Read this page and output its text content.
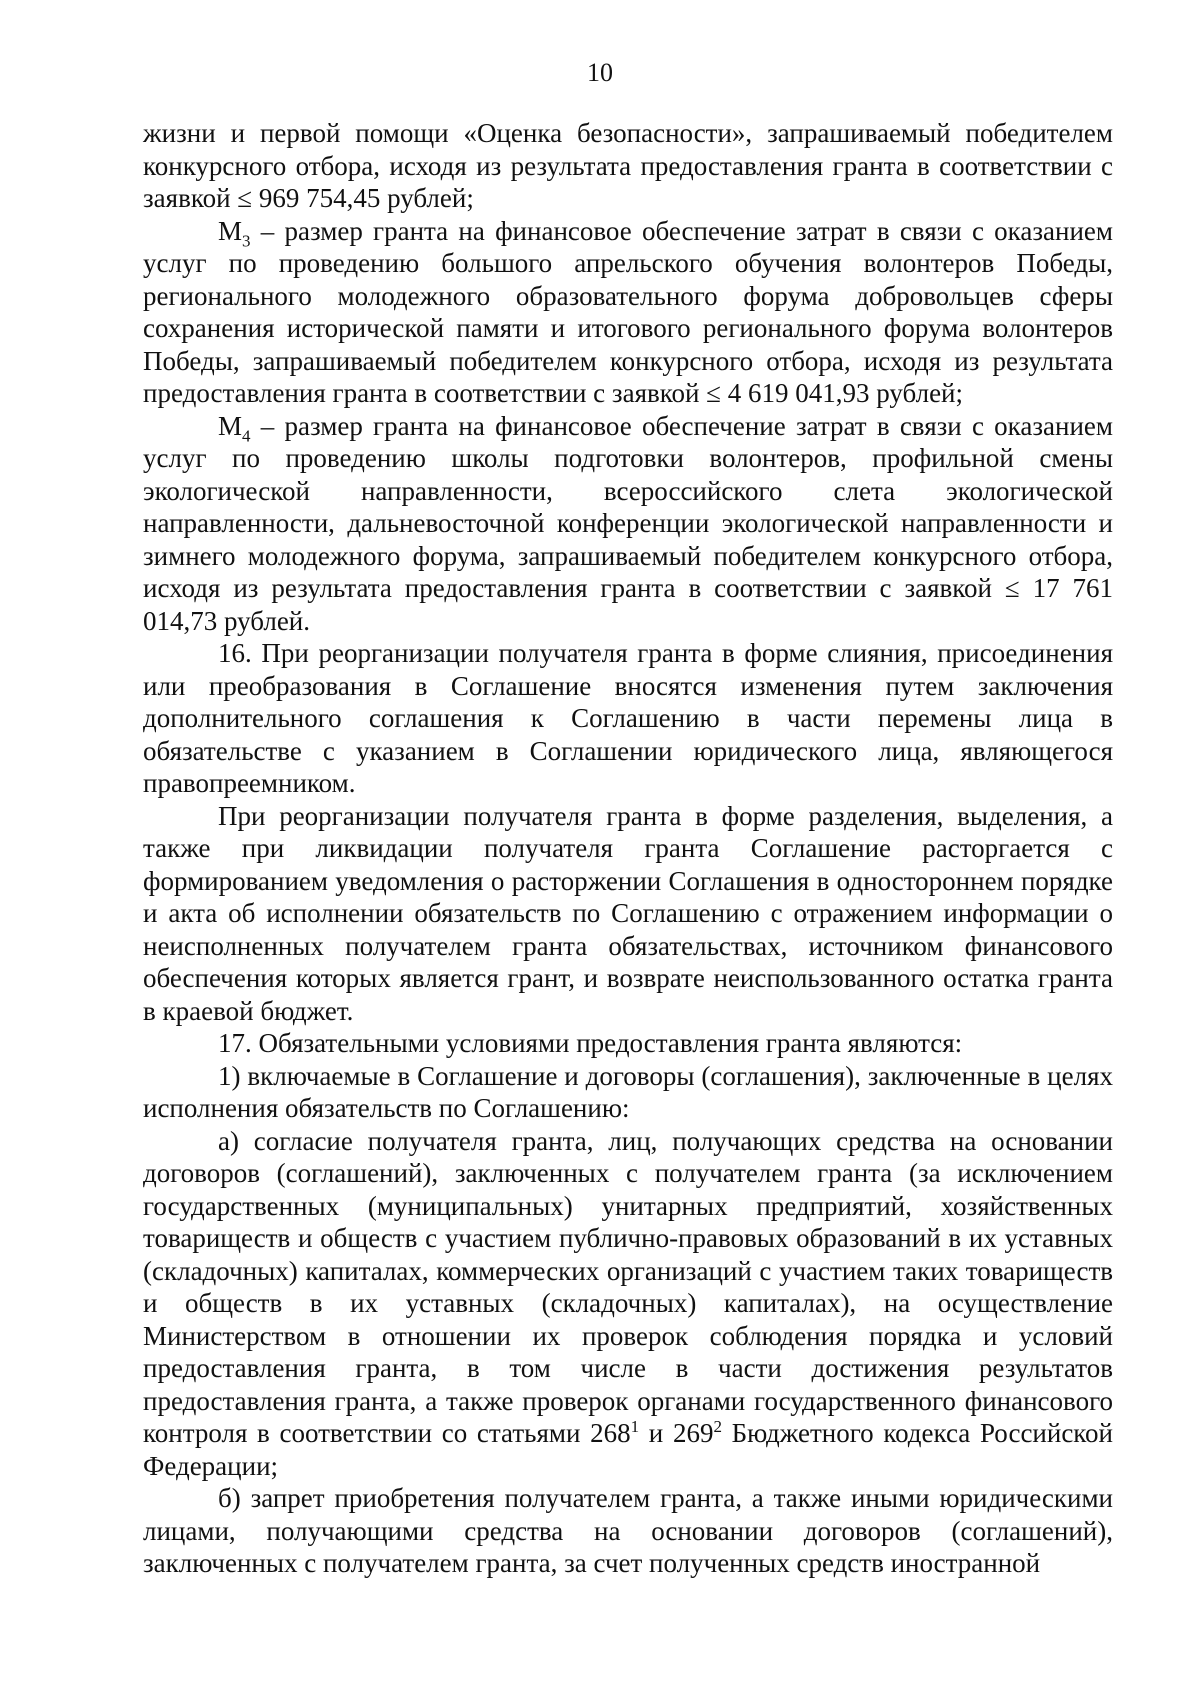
10

жизни и первой помощи «Оценка безопасности», запрашиваемый победителем конкурсного отбора, исходя из результата предоставления гранта в соответствии с заявкой ≤ 969 754,45 рублей;

$M_3$ – размер гранта на финансовое обеспечение затрат в связи с оказанием услуг по проведению большого апрельского обучения волонтеров Победы, регионального молодежного образовательного форума добровольцев сферы сохранения исторической памяти и итогового регионального форума волонтеров Победы, запрашиваемый победителем конкурсного отбора, исходя из результата предоставления гранта в соответствии с заявкой ≤ 4 619 041,93 рублей;

$M_4$ – размер гранта на финансовое обеспечение затрат в связи с оказанием услуг по проведению школы подготовки волонтеров, профильной смены экологической направленности, всероссийского слета экологической направленности, дальневосточной конференции экологической направленности и зимнего молодежного форума, запрашиваемый победителем конкурсного отбора, исходя из результата предоставления гранта в соответствии с заявкой ≤ 17 761 014,73 рублей.

16. При реорганизации получателя гранта в форме слияния, присоединения или преобразования в Соглашение вносятся изменения путем заключения дополнительного соглашения к Соглашению в части перемены лица в обязательстве с указанием в Соглашении юридического лица, являющегося правопреемником.

При реорганизации получателя гранта в форме разделения, выделения, а также при ликвидации получателя гранта Соглашение расторгается с формированием уведомления о расторжении Соглашения в одностороннем порядке и акта об исполнении обязательств по Соглашению с отражением информации о неисполненных получателем гранта обязательствах, источником финансового обеспечения которых является грант, и возврате неиспользованного остатка гранта в краевой бюджет.

17. Обязательными условиями предоставления гранта являются:

1) включаемые в Соглашение и договоры (соглашения), заключенные в целях исполнения обязательств по Соглашению:

а) согласие получателя гранта, лиц, получающих средства на основании договоров (соглашений), заключенных с получателем гранта (за исключением государственных (муниципальных) унитарных предприятий, хозяйственных товариществ и обществ с участием публично-правовых образований в их уставных (складочных) капиталах, коммерческих организаций с участием таких товариществ и обществ в их уставных (складочных) капиталах), на осуществление Министерством в отношении их проверок соблюдения порядка и условий предоставления гранта, в том числе в части достижения результатов предоставления гранта, а также проверок органами государственного финансового контроля в соответствии со статьями $268^1$ и $269^2$ Бюджетного кодекса Российской Федерации;

б) запрет приобретения получателем гранта, а также иными юридическими лицами, получающими средства на основании договоров (соглашений), заключенных с получателем гранта, за счет полученных средств иностранной
